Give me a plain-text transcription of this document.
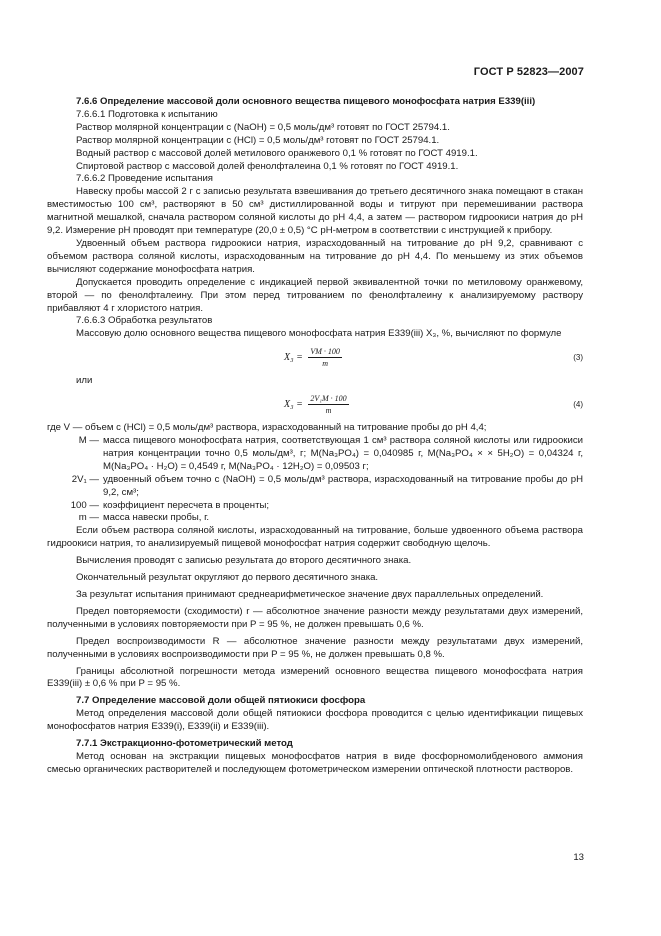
ГОСТ Р 52823—2007

7.6.6 Определение массовой доли основного вещества пищевого монофосфата натрия Е339(iii)

7.6.6.1 Подготовка к испытанию

Раствор молярной концентрации с (NaOH) = 0,5 моль/дм³ готовят по ГОСТ 25794.1.

Раствор молярной концентрации с (HCl) = 0,5 моль/дм³ готовят по ГОСТ 25794.1.

Водный раствор с массовой долей метилового оранжевого 0,1 % готовят по ГОСТ 4919.1.

Спиртовой раствор с массовой долей фенолфталеина 0,1 % готовят по ГОСТ 4919.1.

7.6.6.2 Проведение испытания

Навеску пробы массой 2 г с записью результата взвешивания до третьего десятичного знака помещают в стакан вместимостью 100 см³, растворяют в 50 см³ дистиллированной воды и титруют при перемешивании раствора магнитной мешалкой, сначала раствором соляной кислоты до рН 4,4, а затем — раствором гидроокиси натрия до рН 9,2. Измерение рН проводят при температуре (20,0 ± 0,5) °С рН-метром в соответствии с инструкцией к прибору.

Удвоенный объем раствора гидроокиси натрия, израсходованный на титрование до рН 9,2, сравнивают с объемом раствора соляной кислоты, израсходованным на титрование до рН 4,4. По меньшему из этих объемов вычисляют содержание монофосфата натрия.

Допускается проводить определение с индикацией первой эквивалентной точки по метиловому оранжевому, второй — по фенолфталеину. При этом перед титрованием по фенолфталеину к анализируемому раствору прибавляют 4 г хлористого натрия.

7.6.6.3 Обработка результатов

Массовую долю основного вещества пищевого монофосфата натрия Е339(iii) X₃, %, вычисляют по формуле

$X_3 = \frac{VM \cdot 100}{m}$	(3)

или

$X_3 = \frac{\text{2V₁M · 100}}{m}$	(4)

где V — объем с (HCl) = 0,5 моль/дм³ раствора, израсходованный на титрование пробы до рН 4,4;

M — масса пищевого монофосфата натрия, соответствующая 1 см³ раствора соляной кислоты или гидроокиси натрия концентрации точно 0,5 моль/дм³, г; M(Na₃PO₄) = 0,040985 г, M(Na₃PO₄ × × 5H₂O) = 0,04324 г, M(Na₃PO₄ · H₂O) = 0,4549 г, M(Na₃PO₄ · 12H₂O) = 0,09503 г;
2V₁ — удвоенный объем точно с (NaOH) = 0,5 моль/дм³ раствора, израсходованный на титрование пробы до рН 9,2, см³;
100 — коэффициент пересчета в проценты;
m — масса навески пробы, г.

Если объем раствора соляной кислоты, израсходованный на титрование, больше удвоенного объема раствора гидроокиси натрия, то анализируемый пищевой монофосфат натрия содержит свободную щелочь.

Вычисления проводят с записью результата до второго десятичного знака.

Окончательный результат округляют до первого десятичного знака.

За результат испытания принимают среднеарифметическое значение двух параллельных определений.

Предел повторяемости (сходимости) r — абсолютное значение разности между результатами двух измерений, полученными в условиях повторяемости при P = 95 %, не должен превышать 0,6 %.

Предел воспроизводимости R — абсолютное значение разности между результатами двух измерений, полученными в условиях воспроизводимости при P = 95 %, не должен превышать 0,8 %.

Границы абсолютной погрешности метода измерений основного вещества пищевого монофосфата натрия Е339(iii) ± 0,6 % при P = 95 %.

7.7 Определение массовой доли общей пятиокиси фосфора

Метод определения массовой доли общей пятиокиси фосфора проводится с целью идентификации пищевых монофосфатов натрия Е339(i), Е339(ii) и Е339(iii).

7.7.1 Экстракционно-фотометрический метод

Метод основан на экстракции пищевых монофосфатов натрия в виде фосфорномолибденового аммония смесью органических растворителей и последующем фотометрическом измерении оптической плотности растворов.

13
